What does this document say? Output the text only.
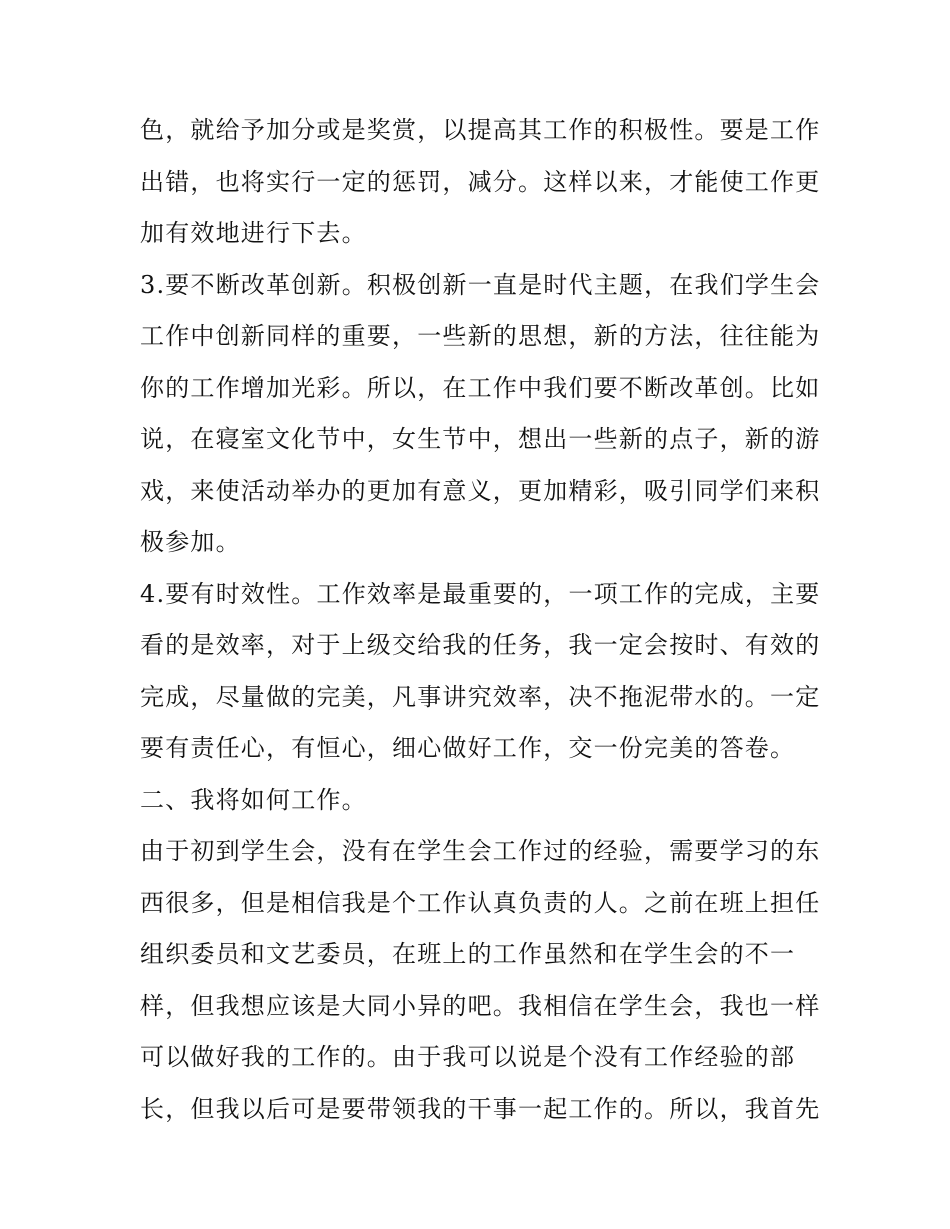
色，就给予加分或是奖赏，以提高其工作的积极性。要是工作
出错，也将实行一定的惩罚，减分。这样以来，才能使工作更
加有效地进行下去。
3.要不断改革创新。积极创新一直是时代主题，在我们学生会
工作中创新同样的重要，一些新的思想，新的方法，往往能为
你的工作增加光彩。所以，在工作中我们要不断改革创。比如
说，在寝室文化节中，女生节中，想出一些新的点子，新的游
戏，来使活动举办的更加有意义，更加精彩，吸引同学们来积
极参加。
4.要有时效性。工作效率是最重要的，一项工作的完成，主要
看的是效率，对于上级交给我的任务，我一定会按时、有效的
完成，尽量做的完美，凡事讲究效率，决不拖泥带水的。一定
要有责任心，有恒心，细心做好工作，交一份完美的答卷。
二、我将如何工作。
由于初到学生会，没有在学生会工作过的经验，需要学习的东
西很多，但是相信我是个工作认真负责的人。之前在班上担任
组织委员和文艺委员，在班上的工作虽然和在学生会的不一
样，但我想应该是大同小异的吧。我相信在学生会，我也一样
可以做好我的工作的。由于我可以说是个没有工作经验的部
长，但我以后可是要带领我的干事一起工作的。所以，我首先
